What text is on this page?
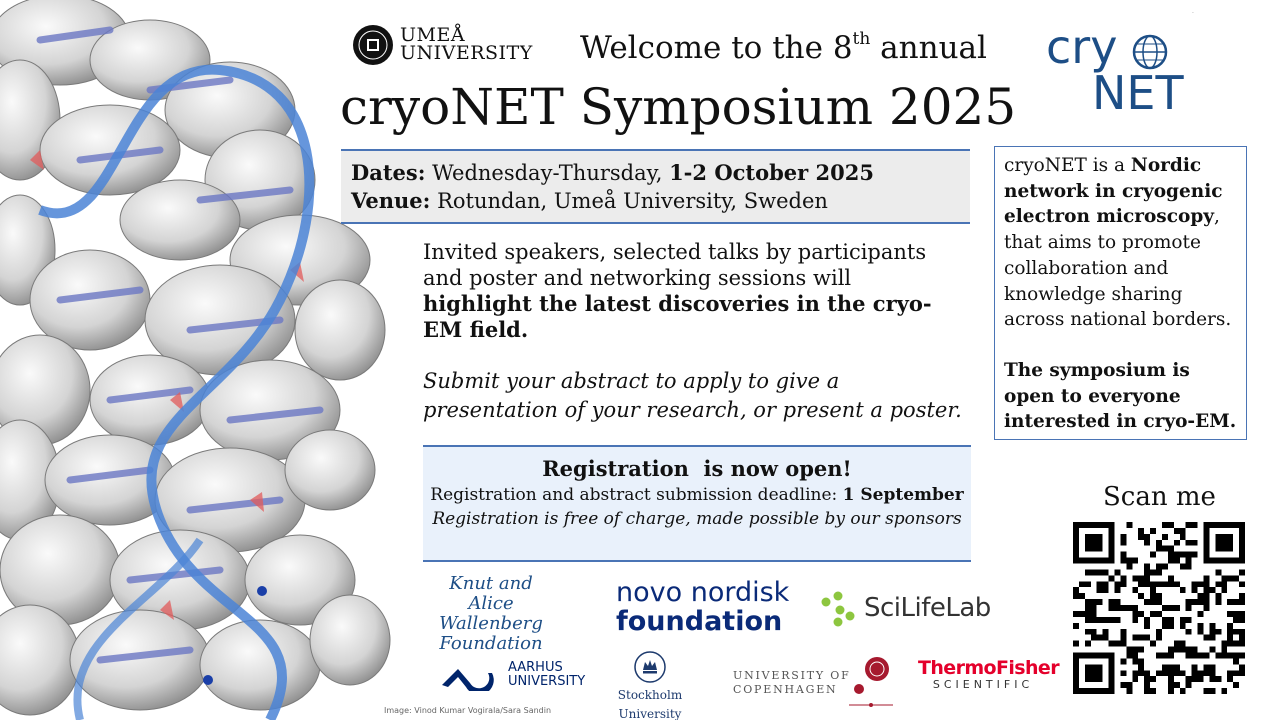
Image: Vinod Kumar Vogirala/Sara Sandin
UMEÅ
UNIVERSITY Welcome to the 8th annual
cryoNET Symposium 2025
cry
NET
Dates: Wednesday-Thursday, 1-2 October 2025
Venue: Rotundan, Umeå University, Sweden
Invited speakers, selected talks by participants and poster and networking sessions will highlight the latest discoveries in the cryo-EM field.
Submit your abstract to apply to give a presentation of your research, or present a poster.
Registration  is now open!
Registration and abstract submission deadline: 1 September
Registration is free of charge, made possible by our sponsors

cryoNET is a Nordic network in cryogenic electron microscopy, that aims to promote collaboration and knowledge sharing across national borders.

The symposium is open to everyone interested in cryo-EM.

Scan me
Knut and Alice Wallenberg Foundation
novo nordisk
foundation	SciLifeLab
AARHUS
UNIVERSITY
Stockholm
University
UNIVERSITY OF
COPENHAGEN
ThermoFisher
SCIENTIFIC
.
